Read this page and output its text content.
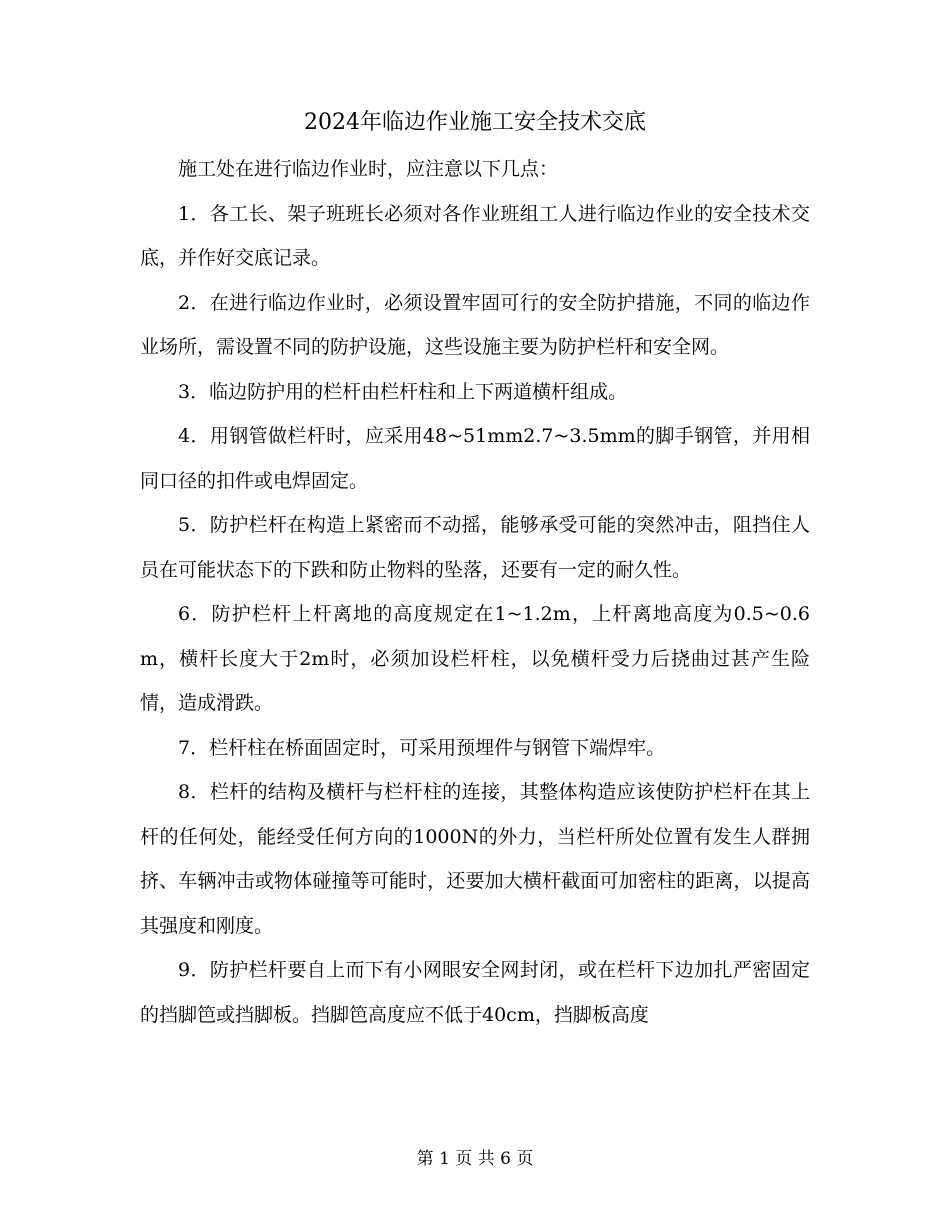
2024年临边作业施工安全技术交底

施工处在进行临边作业时，应注意以下几点：

1．各工长、架子班班长必须对各作业班组工人进行临边作业的安全技术交底，并作好交底记录。

2．在进行临边作业时，必须设置牢固可行的安全防护措施，不同的临边作业场所，需设置不同的防护设施，这些设施主要为防护栏杆和安全网。

3．临边防护用的栏杆由栏杆柱和上下两道横杆组成。

4．用钢管做栏杆时，应采用48~51mm2.7~3.5mm的脚手钢管，并用相同口径的扣件或电焊固定。

5．防护栏杆在构造上紧密而不动摇，能够承受可能的突然冲击，阻挡住人员在可能状态下的下跌和防止物料的坠落，还要有一定的耐久性。

6．防护栏杆上杆离地的高度规定在1~1.2m，上杆离地高度为0.5~0.6m，横杆长度大于2m时，必须加设栏杆柱，以免横杆受力后挠曲过甚产生险情，造成滑跌。

7．栏杆柱在桥面固定时，可采用预埋件与钢管下端焊牢。

8．栏杆的结构及横杆与栏杆柱的连接，其整体构造应该使防护栏杆在其上杆的任何处，能经受任何方向的1000N的外力，当栏杆所处位置有发生人群拥挤、车辆冲击或物体碰撞等可能时，还要加大横杆截面可加密柱的距离，以提高其强度和刚度。

9．防护栏杆要自上而下有小网眼安全网封闭，或在栏杆下边加扎严密固定的挡脚笆或挡脚板。挡脚笆高度应不低于40cm，挡脚板高度

第 1 页 共 6 页
